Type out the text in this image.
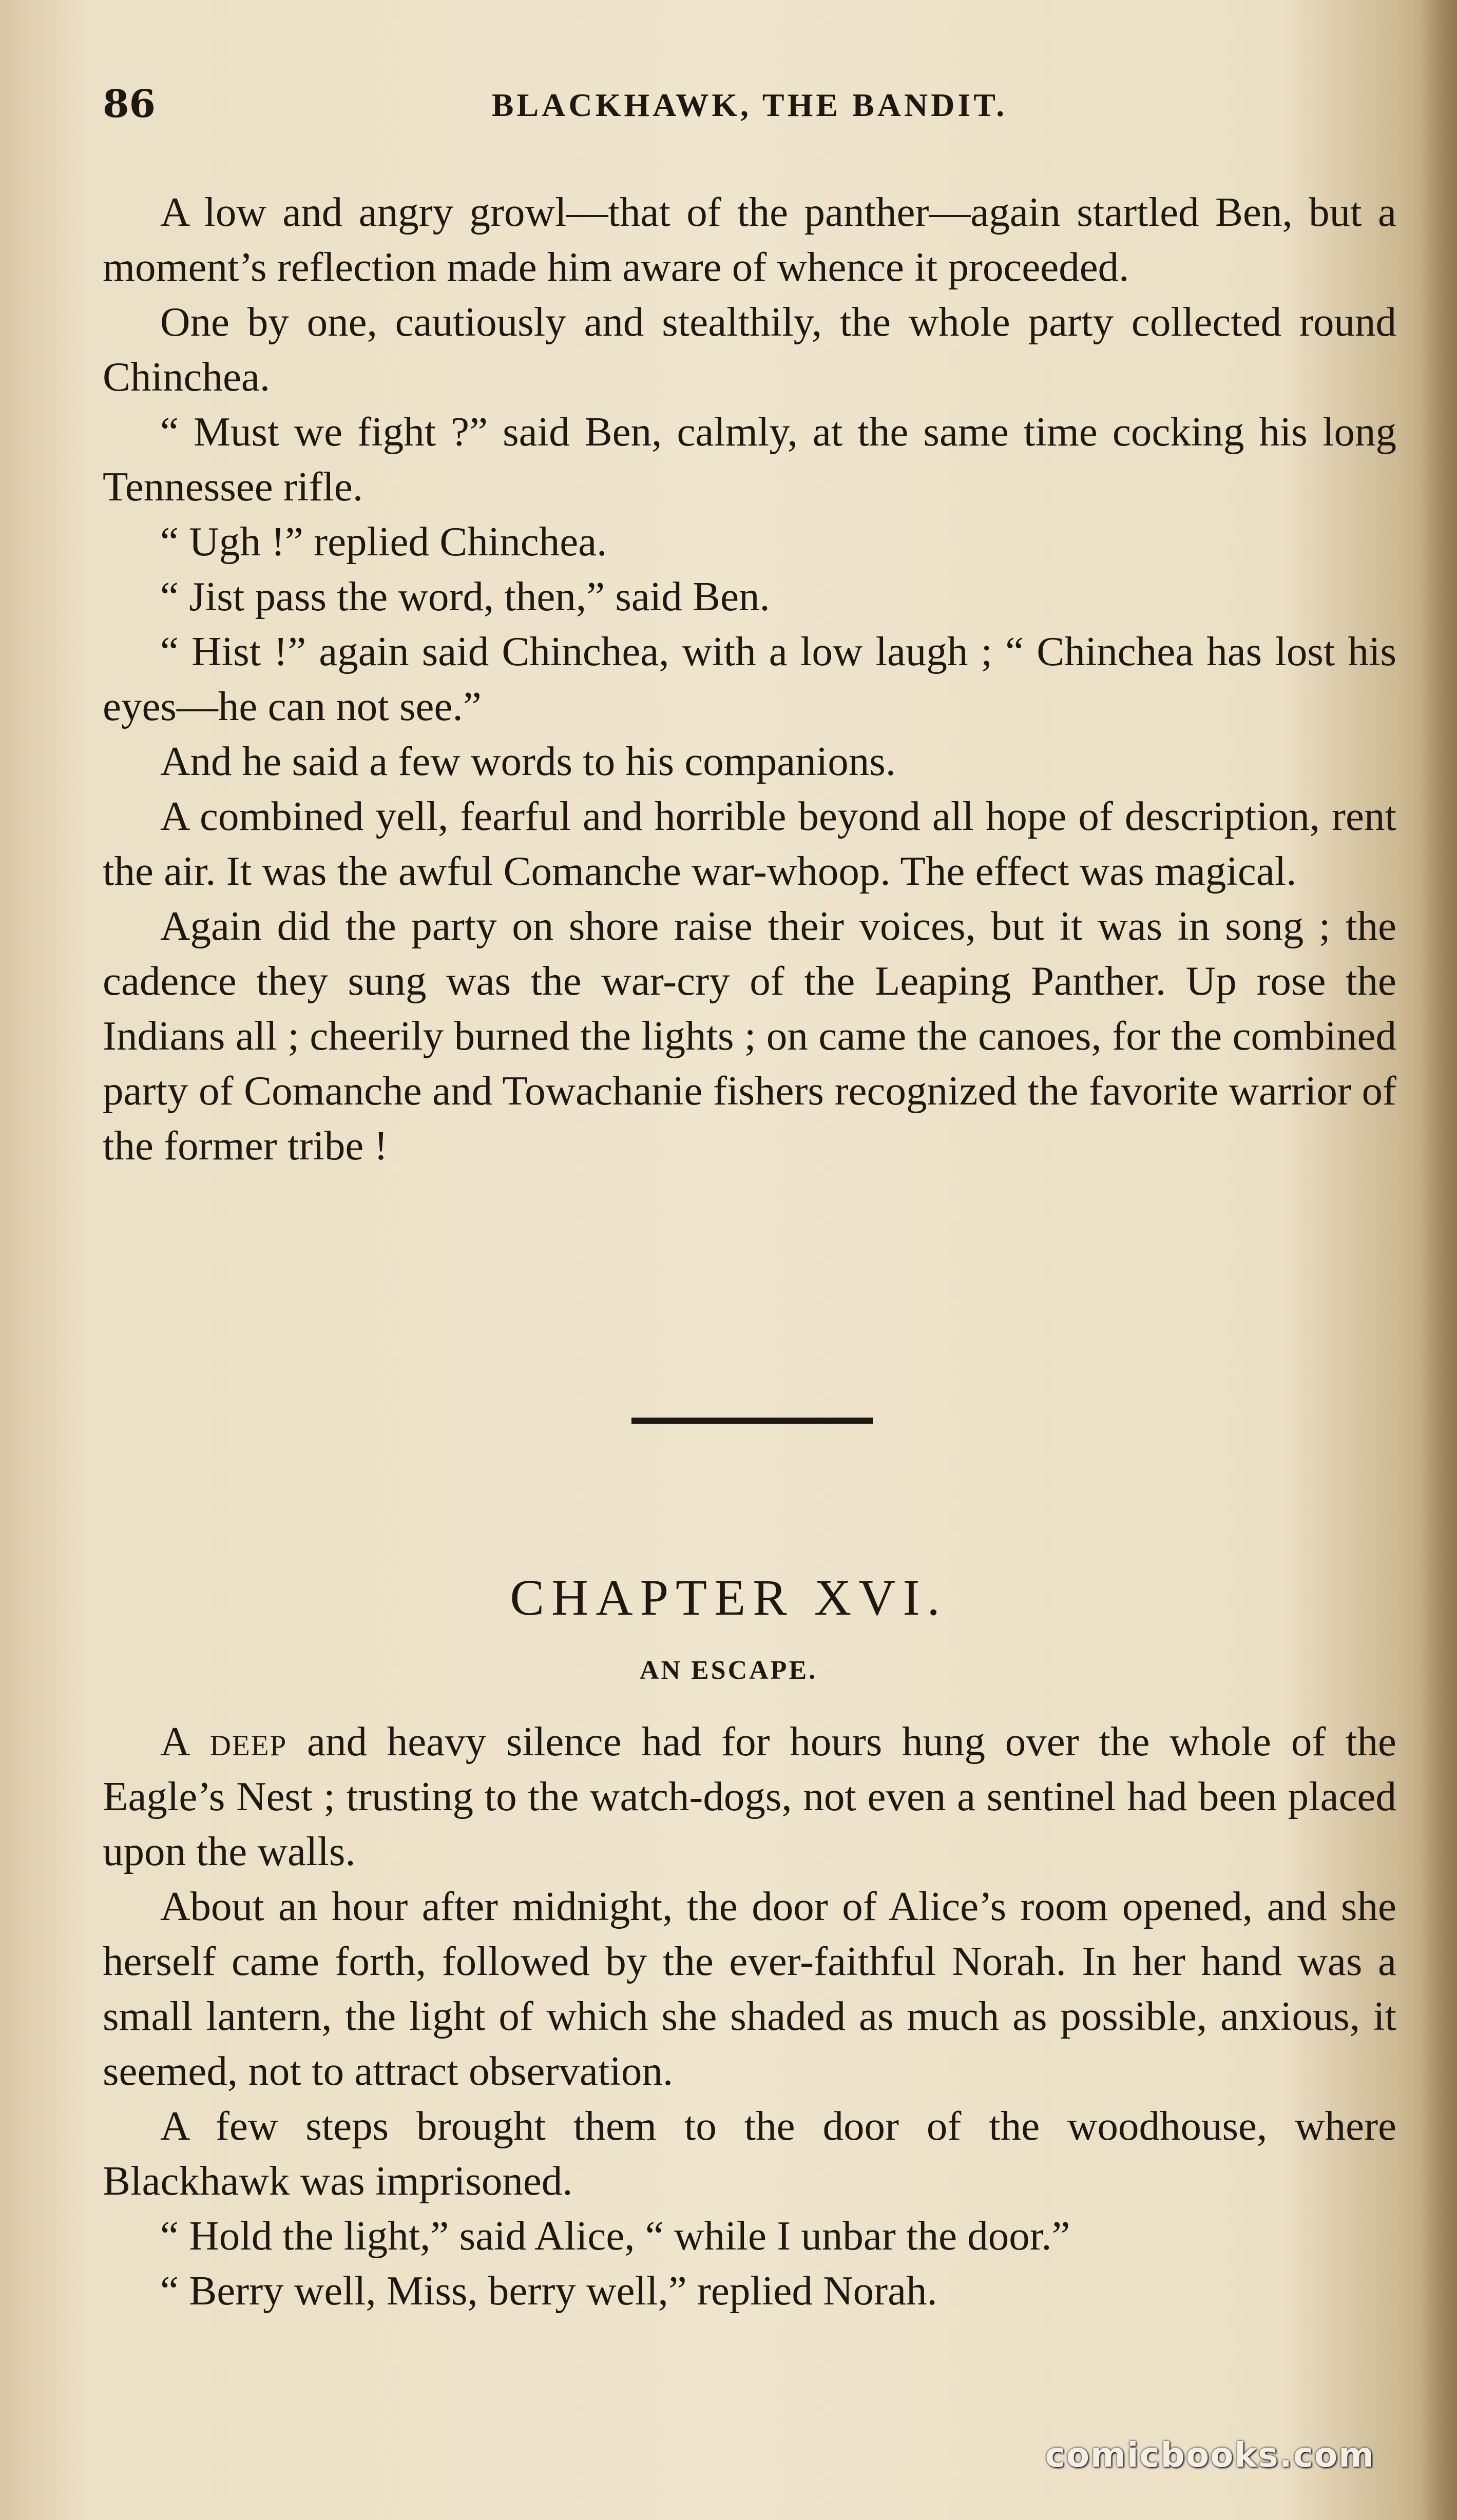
86	BLACKHAWK, THE BANDIT.

A low and angry growl—that of the panther—again startled Ben, but a moment’s reflection made him aware of whence it proceeded.

One by one, cautiously and stealthily, the whole party collected round Chinchea.

“ Must we fight ?” said Ben, calmly, at the same time cocking his long Tennessee rifle.

“ Ugh !” replied Chinchea.

“ Jist pass the word, then,” said Ben.

“ Hist !” again said Chinchea, with a low laugh ; “ Chinchea has lost his eyes—he can not see.”

And he said a few words to his companions.

A combined yell, fearful and horrible beyond all hope of description, rent the air. It was the awful Comanche war-whoop. The effect was magical.

Again did the party on shore raise their voices, but it was in song ; the cadence they sung was the war-cry of the Leaping Panther. Up rose the Indians all ; cheerily burned the lights ; on came the canoes, for the combined party of Comanche and Towachanie fishers recognized the favorite warrior of the former tribe !

CHAPTER XVI.
AN ESCAPE.

A deep and heavy silence had for hours hung over the whole of the Eagle’s Nest ; trusting to the watch-dogs, not even a sentinel had been placed upon the walls.

About an hour after midnight, the door of Alice’s room opened, and she herself came forth, followed by the ever-faithful Norah. In her hand was a small lantern, the light of which she shaded as much as possible, anxious, it seemed, not to attract observation.

A few steps brought them to the door of the woodhouse, where Blackhawk was imprisoned.

“ Hold the light,” said Alice, “ while I unbar the door.”

“ Berry well, Miss, berry well,” replied Norah.

comicbooks.com
